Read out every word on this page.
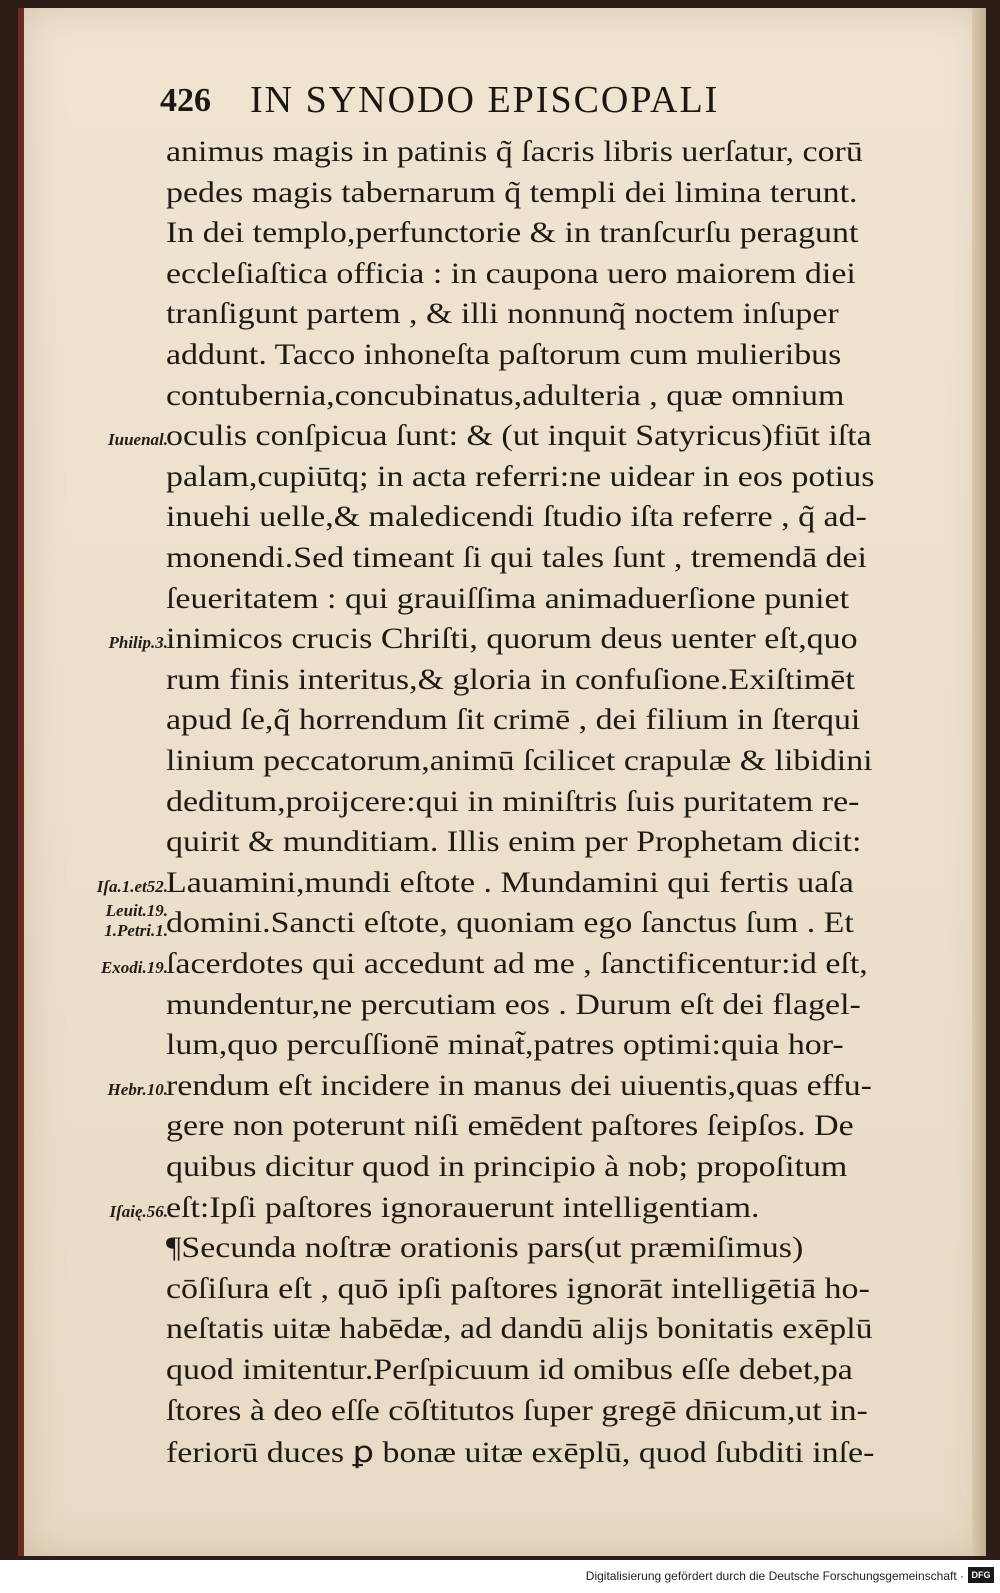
426 IN SYNODO EPISCOPALI
animus magis in patinis q̃ ſacris libris uerſatur, corū
pedes magis tabernarum q̃ templi dei limina terunt.
In dei templo,perfunctorie & in tranſcurſu peragunt
eccleſiaſtica officia : in caupona uero maiorem diei
tranſigunt partem , & illi nonnunq̃ noctem inſuper
addunt. Tacco inhoneſta paſtorum cum mulieribus
contubernia,concubinatus,adulteria , quæ omnium
oculis conſpicua ſunt: & (ut inquit Satyricus)fiūt iſta
palam,cupiūtq; in acta referri:ne uidear in eos potius
inuehi uelle,& maledicendi ſtudio iſta referre , q̃ ad-
monendi.Sed timeant ſi qui tales ſunt , tremendā dei
ſeueritatem : qui grauiſſima animaduerſione puniet
inimicos crucis Chriſti, quorum deus uenter eſt,quo
rum finis interitus,& gloria in confuſione.Exiſtimēt
apud ſe,q̃ horrendum ſit crimē , dei filium in ſterqui
linium peccatorum,animū ſcilicet crapulæ & libidini
deditum,proijcere:qui in miniſtris ſuis puritatem re-
quirit & munditiam. Illis enim per Prophetam dicit:
Lauamini,mundi eſtote . Mundamini qui fertis uaſa
domini.Sancti eſtote, quoniam ego ſanctus ſum . Et
ſacerdotes qui accedunt ad me , ſanctificentur:id eſt,
mundentur,ne percutiam eos . Durum eſt dei flagel-
lum,quo percuſſionē minat̃,patres optimi:quia hor-
rendum eſt incidere in manus dei uiuentis,quas effu-
gere non poterunt niſi emēdent paſtores ſeipſos. De
quibus dicitur quod in principio à nob; propoſitum
eſt:Ipſi paſtores ignorauerunt intelligentiam.
¶Secunda noſtræ orationis pars(ut præmiſimus)
cōſiſura eſt , quō ipſi paſtores ignorāt intelligētiā ho-
neſtatis uitæ habēdæ, ad dandū alijs bonitatis exēplū
quod imitentur.Perſpicuum id omibus eſſe debet,pa
ſtores à deo eſſe cōſtitutos ſuper gregē dn̄icum,ut in-
feriorū duces ꝑ bonæ uitæ exēplū, quod ſubditi inſe-
Iuuenal.
Philip.3.
Iſa.1.et52.
Leuit.19.
1.Petri.1.
Exodi.19.
Hebr.10.
Iſaię.56.
Digitalisierung gefördert durch die Deutsche Forschungsgemeinschaft · DFG
